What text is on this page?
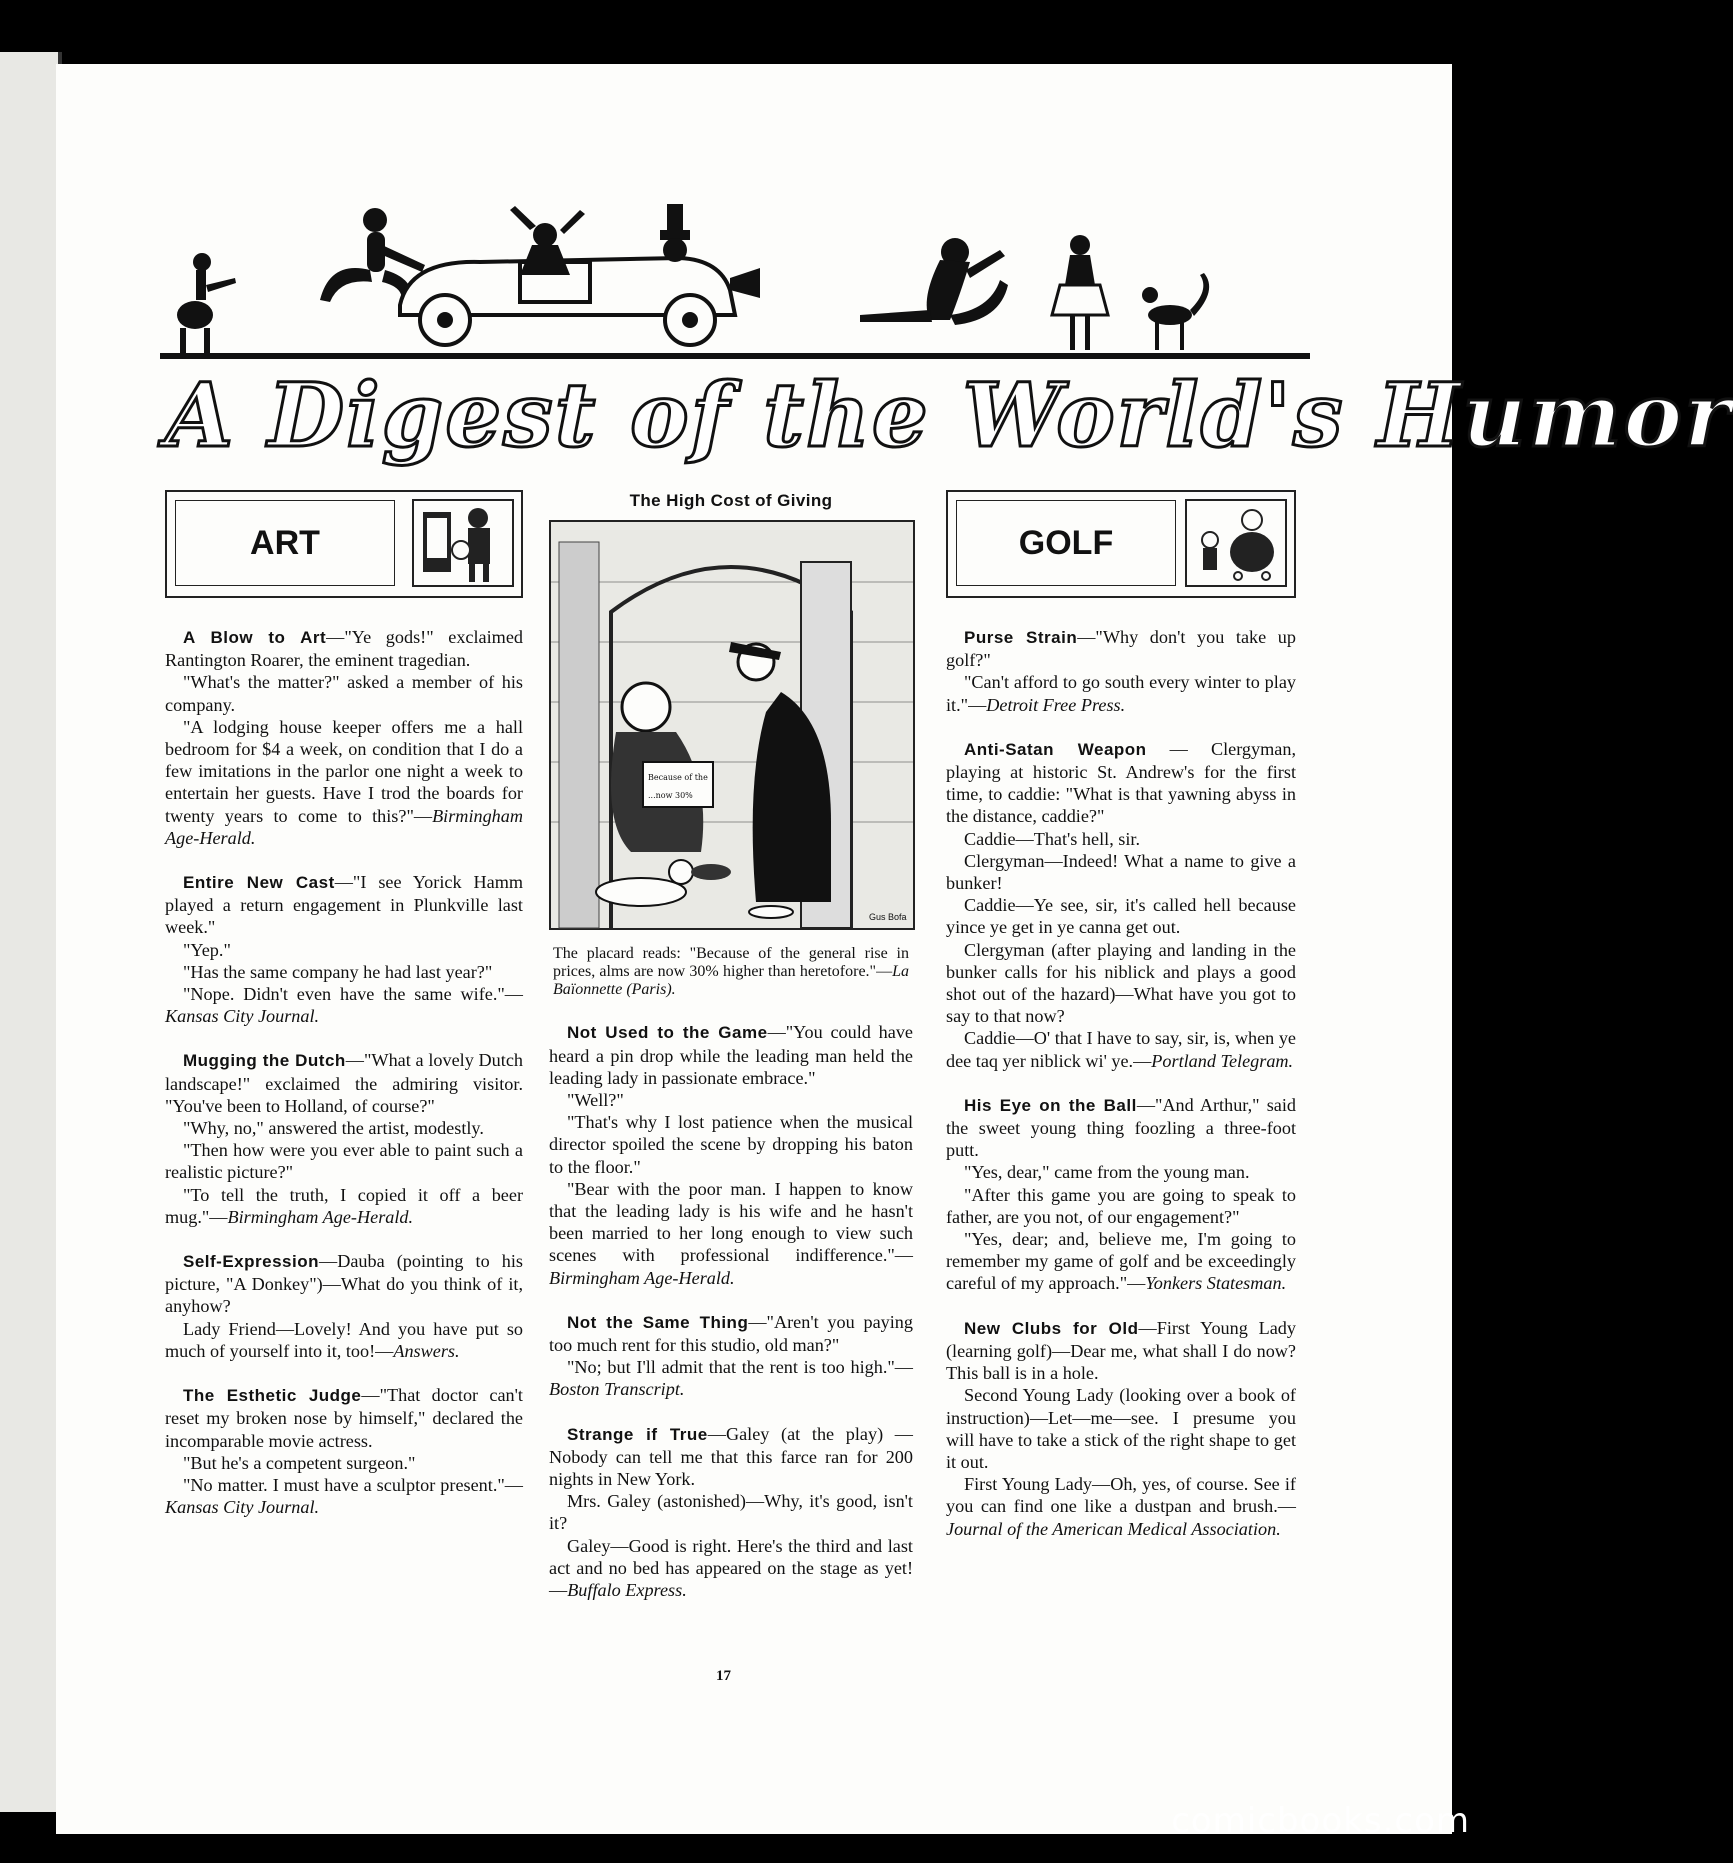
A Digest of the World's Humor
ART

A Blow to Art—"Ye gods!" exclaimed Rantington Roarer, the eminent tragedian.

"What's the matter?" asked a member of his company.

"A lodging house keeper offers me a hall bedroom for $4 a week, on condition that I do a few imitations in the parlor one night a week to entertain her guests. Have I trod the boards for twenty years to come to this?"—Birmingham Age-Herald.

Entire New Cast—"I see Yorick Hamm played a return engagement in Plunkville last week."

"Yep."

"Has the same company he had last year?"

"Nope. Didn't even have the same wife."—Kansas City Journal.

Mugging the Dutch—"What a lovely Dutch landscape!" exclaimed the admiring visitor. "You've been to Holland, of course?"

"Why, no," answered the artist, modestly.

"Then how were you ever able to paint such a realistic picture?"

"To tell the truth, I copied it off a beer mug."—Birmingham Age-Herald.

Self-Expression—Dauba (pointing to his picture, "A Donkey")—What do you think of it, anyhow?

Lady Friend—Lovely! And you have put so much of yourself into it, too!—Answers.

The Esthetic Judge—"That doctor can't reset my broken nose by himself," declared the incomparable movie actress.

"But he's a competent surgeon."

"No matter. I must have a sculptor present."—Kansas City Journal.

The High Cost of Giving
Because of the
...now 30%
Gus Bofa
The placard reads: "Because of the general rise in prices, alms are now 30% higher than heretofore."—La Baïonnette (Paris).

Not Used to the Game—"You could have heard a pin drop while the leading man held the leading lady in passionate embrace."

"Well?"

"That's why I lost patience when the musical director spoiled the scene by dropping his baton to the floor."

"Bear with the poor man. I happen to know that the leading lady is his wife and he hasn't been married to her long enough to view such scenes with professional indifference."—Birmingham Age-Herald.

Not the Same Thing—"Aren't you paying too much rent for this studio, old man?"

"No; but I'll admit that the rent is too high."—Boston Transcript.

Strange if True—Galey (at the play) —Nobody can tell me that this farce ran for 200 nights in New York.

Mrs. Galey (astonished)—Why, it's good, isn't it?

Galey—Good is right. Here's the third and last act and no bed has appeared on the stage as yet!—Buffalo Express.

GOLF

Purse Strain—"Why don't you take up golf?"

"Can't afford to go south every winter to play it."—Detroit Free Press.

Anti-Satan Weapon — Clergyman, playing at historic St. Andrew's for the first time, to caddie: "What is that yawning abyss in the distance, caddie?"

Caddie—That's hell, sir.

Clergyman—Indeed! What a name to give a bunker!

Caddie—Ye see, sir, it's called hell because yince ye get in ye canna get out.

Clergyman (after playing and landing in the bunker calls for his niblick and plays a good shot out of the hazard)—What have you got to say to that now?

Caddie—O' that I have to say, sir, is, when ye dee taq yer niblick wi' ye.—Portland Telegram.

His Eye on the Ball—"And Arthur," said the sweet young thing foozling a three-foot putt.

"Yes, dear," came from the young man.

"After this game you are going to speak to father, are you not, of our engagement?"

"Yes, dear; and, believe me, I'm going to remember my game of golf and be exceedingly careful of my approach."—Yonkers Statesman.

New Clubs for Old—First Young Lady (learning golf)—Dear me, what shall I do now? This ball is in a hole.

Second Young Lady (looking over a book of instruction)—Let—me—see. I presume you will have to take a stick of the right shape to get it out.

First Young Lady—Oh, yes, of course. See if you can find one like a dustpan and brush.—Journal of the American Medical Association.

17
comicbooks.com
